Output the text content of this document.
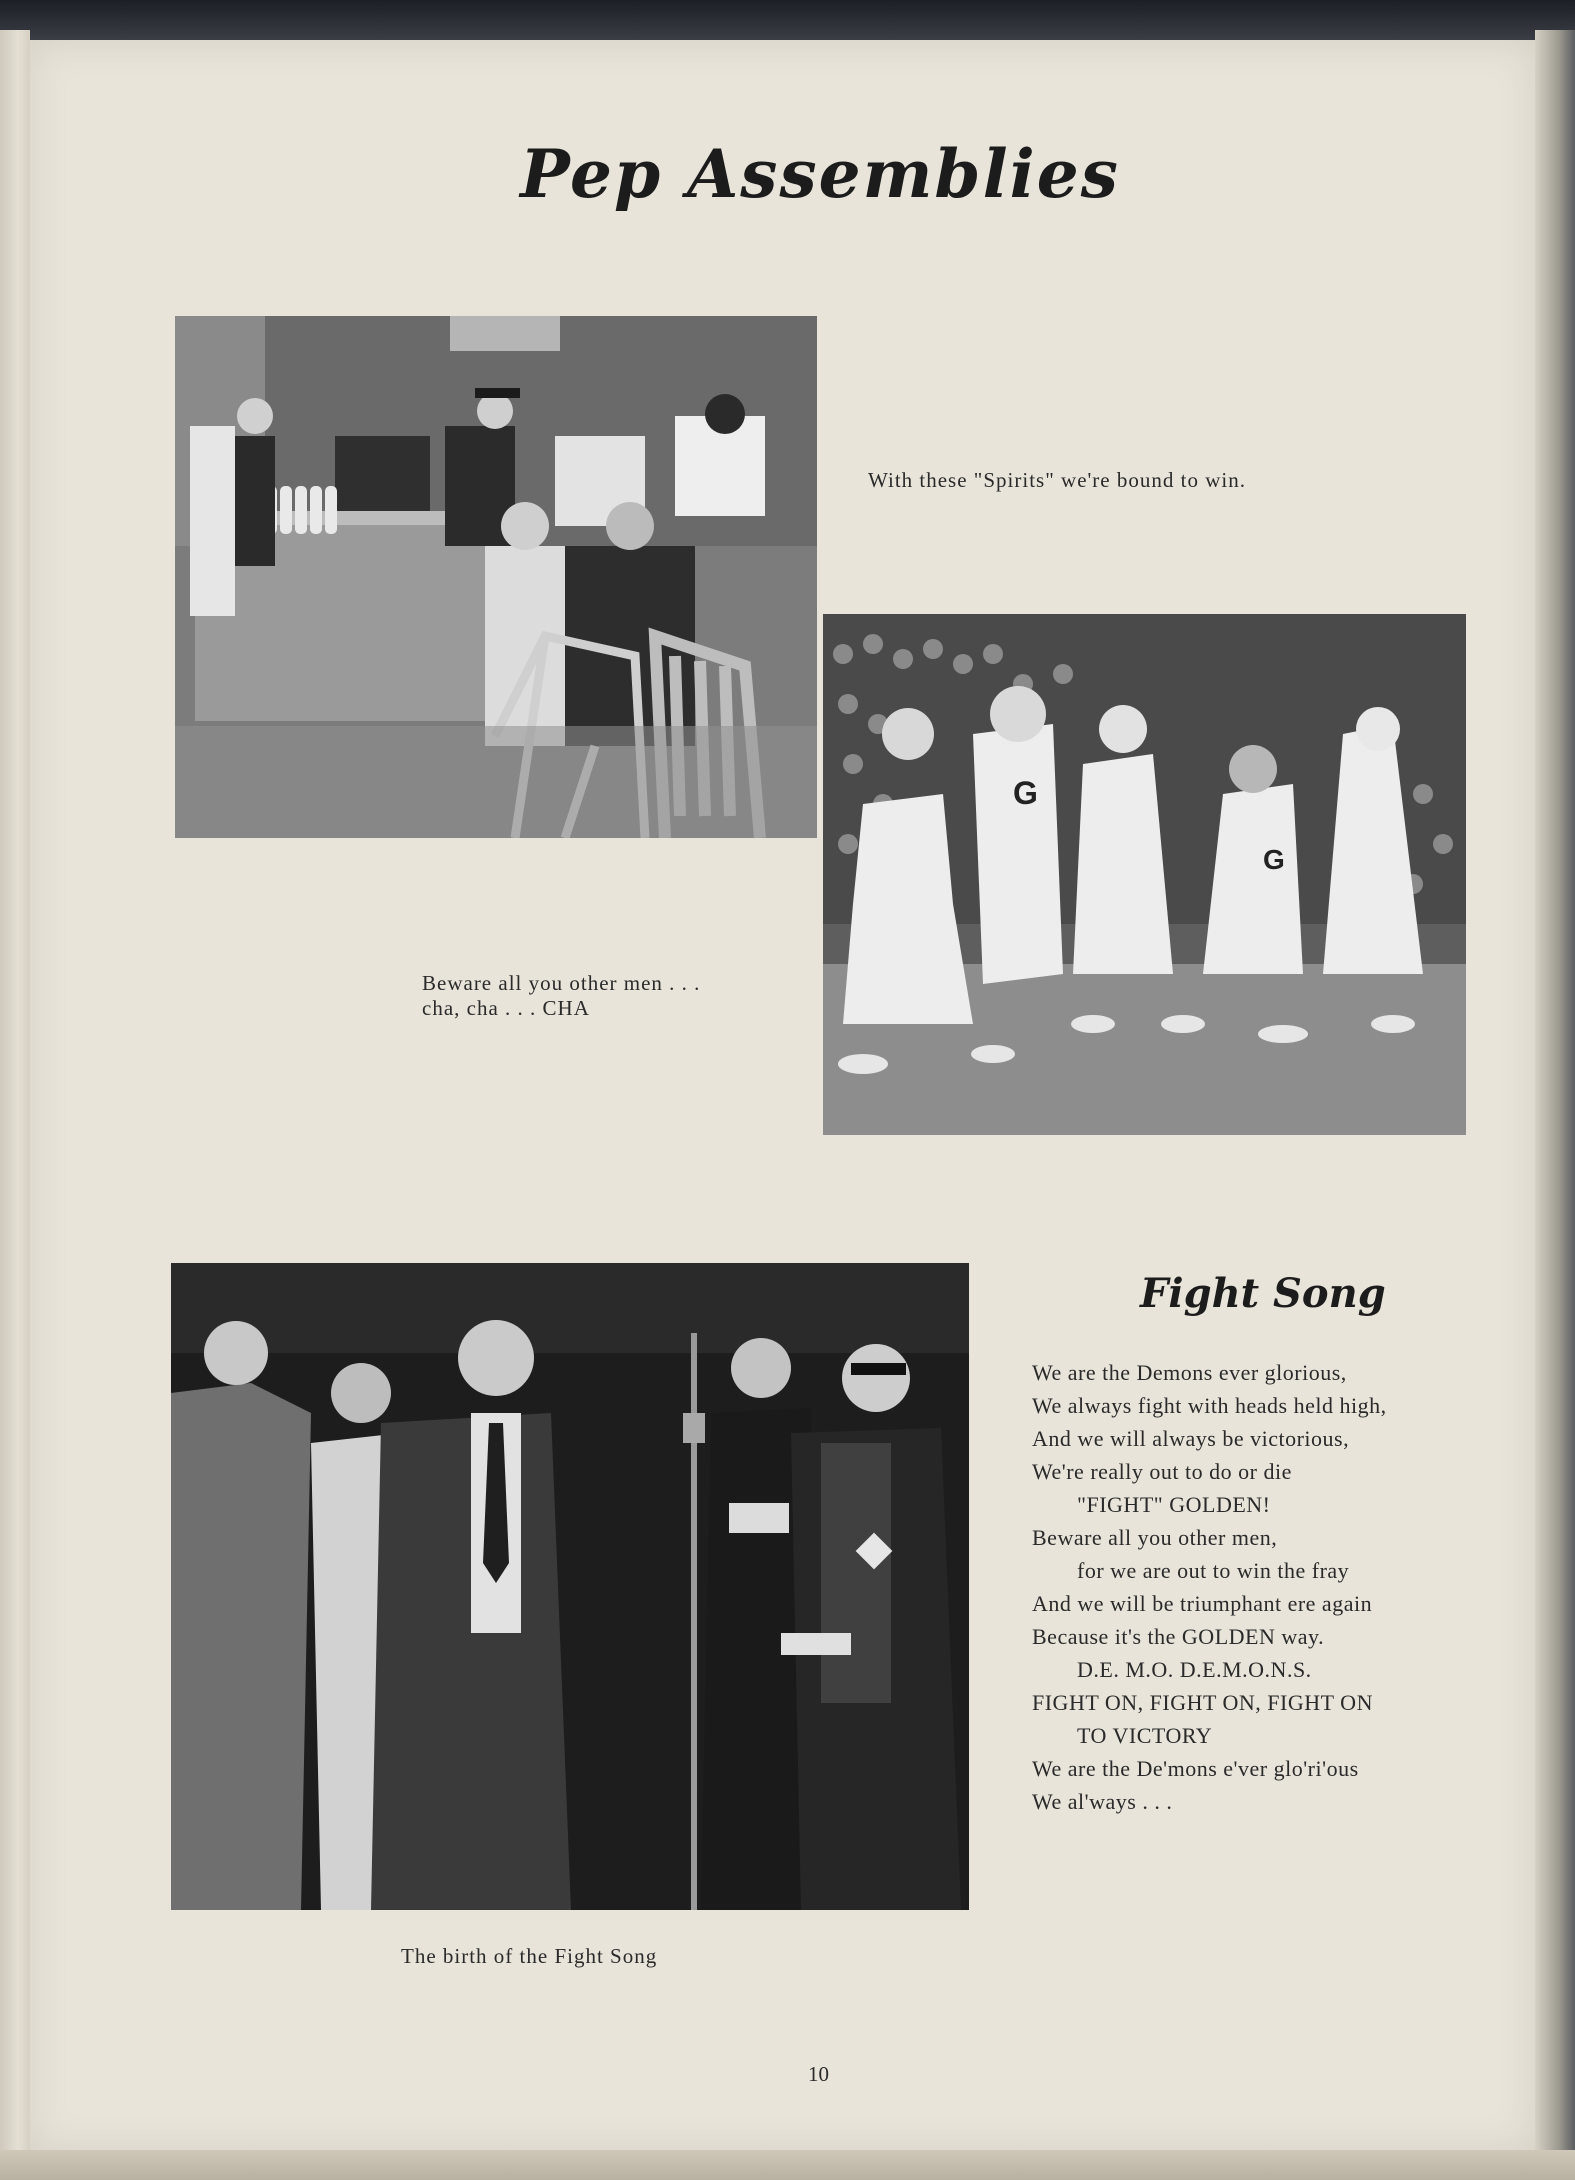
Pep Assemblies
With these "Spirits" we're bound to win.
G
G
Beware all you other men . . .
cha, cha . . . CHA
The birth of the Fight Song
Fight Song
We are the Demons ever glorious,
We always fight with heads held high,
And we will always be victorious,
We're really out to do or die
"FIGHT" GOLDEN!
Beware all you other men,
for we are out to win the fray
And we will be triumphant ere again
Because it's the GOLDEN way.
D.E. M.O. D.E.M.O.N.S.
FIGHT ON, FIGHT ON, FIGHT ON
TO VICTORY
We are the De'mons e'ver glo'ri'ous
We al'ways . . .
10
